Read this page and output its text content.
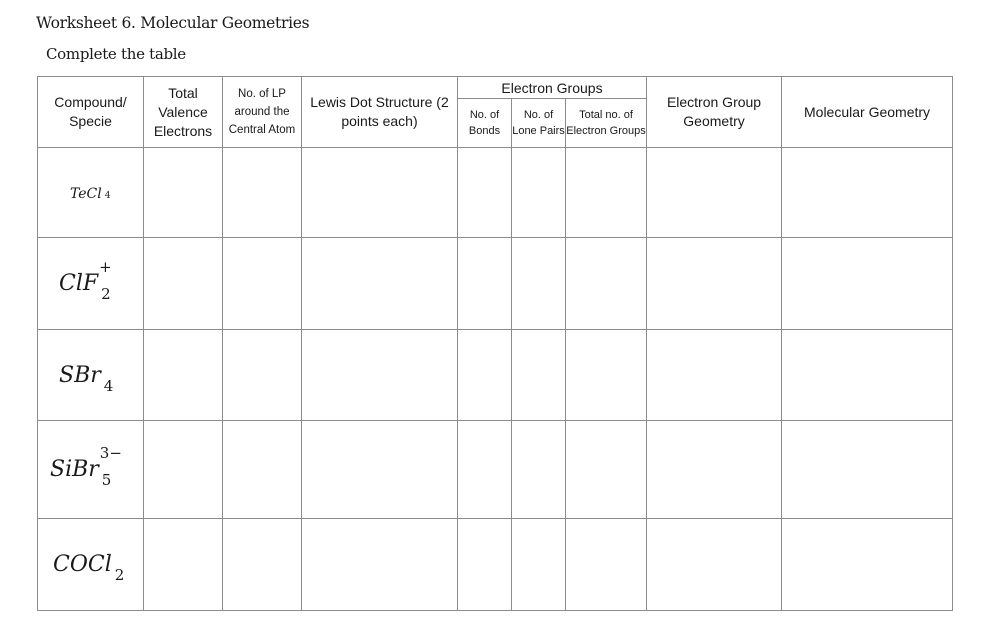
Worksheet 6. Molecular Geometries
Complete the table
Compound/ Specie	Total Valence Electrons	No. of LP around the Central Atom	Lewis Dot Structure (2 points each)	Electron Groups			Electron Group Geometry	Molecular Geometry
				No. of Bonds	No. of Lone Pairs	Total no. of Electron Groups		
TeCl 4								

ClF
+
2								

SBr 4								

SiBr
3−
5								

COCl 2								
